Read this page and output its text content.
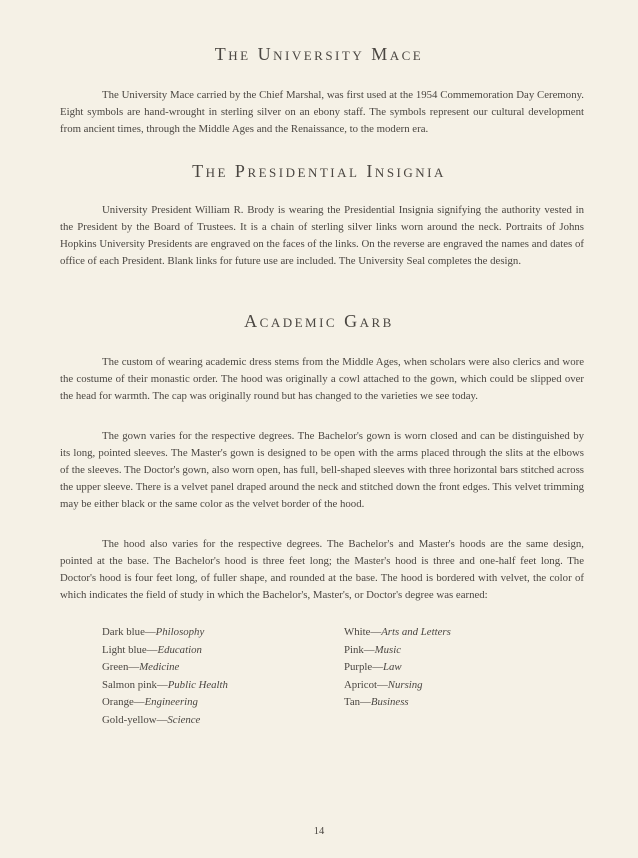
The University Mace

The University Mace carried by the Chief Marshal, was first used at the 1954 Commemoration Day Ceremony. Eight symbols are hand-wrought in sterling silver on an ebony staff. The symbols represent our cultural development from ancient times, through the Middle Ages and the Renaissance, to the modern era.

The Presidential Insignia

University President William R. Brody is wearing the Presidential Insignia signifying the authority vested in the President by the Board of Trustees. It is a chain of sterling silver links worn around the neck. Portraits of Johns Hopkins University Presidents are engraved on the faces of the links. On the reverse are engraved the names and dates of office of each President. Blank links for future use are included. The University Seal completes the design.

Academic Garb

The custom of wearing academic dress stems from the Middle Ages, when scholars were also clerics and wore the costume of their monastic order. The hood was originally a cowl attached to the gown, which could be slipped over the head for warmth. The cap was originally round but has changed to the varieties we see today.

The gown varies for the respective degrees. The Bachelor's gown is worn closed and can be distinguished by its long, pointed sleeves. The Master's gown is designed to be open with the arms placed through the slits at the elbows of the sleeves. The Doctor's gown, also worn open, has full, bell-shaped sleeves with three horizontal bars stitched across the upper sleeve. There is a velvet panel draped around the neck and stitched down the front edges. This velvet trimming may be either black or the same color as the velvet border of the hood.

The hood also varies for the respective degrees. The Bachelor's and Master's hoods are the same design, pointed at the base. The Bachelor's hood is three feet long; the Master's hood is three and one-half feet long. The Doctor's hood is four feet long, of fuller shape, and rounded at the base. The hood is bordered with velvet, the color of which indicates the field of study in which the Bachelor's, Master's, or Doctor's degree was earned:

Dark blue—Philosophy
Light blue—Education
Green—Medicine
Salmon pink—Public Health
Orange—Engineering
Gold-yellow—Science
White—Arts and Letters
Pink—Music
Purple—Law
Apricot—Nursing
Tan—Business
14
